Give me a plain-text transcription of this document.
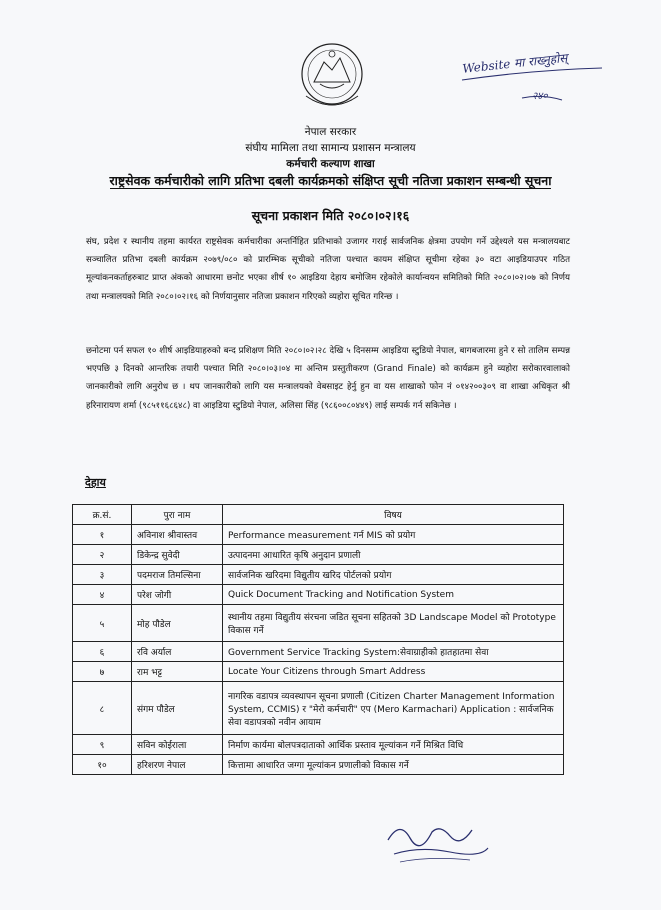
Website मा राख्नुहोस्
२४०
नेपाल सरकार
संघीय मामिला तथा सामान्य प्रशासन मन्त्रालय
कर्मचारी कल्याण शाखा
राष्ट्रसेवक कर्मचारीको लागि प्रतिभा दबली कार्यक्रमको संक्षिप्त सूची नतिजा प्रकाशन सम्बन्धी सूचना
सूचना प्रकाशन मिति २०८०।०२।१६
संघ, प्रदेश र स्थानीय तहमा कार्यरत राष्ट्रसेवक कर्मचारीका अन्तर्निहित प्रतिभाको उजागर गराई सार्वजनिक क्षेत्रमा उपयोग गर्ने उद्देश्यले यस मन्त्रालयबाट सञ्चालित प्रतिभा दबली कार्यक्रम २०७९/०८० को प्रारम्भिक सूचीको नतिजा पश्चात कायम संक्षिप्त सूचीमा रहेका ३० वटा आइडियाउपर गठित मूल्यांकनकर्ताहरुबाट प्राप्त अंकको आधारमा छनोट भएका शीर्ष १० आइडिया देहाय बमोजिम रहेकोले कार्यान्वयन समितिको मिति २०८०।०२।०७ को निर्णय तथा मन्त्रालयको मिति २०८०।०२।१६ को निर्णयानुसार नतिजा प्रकाशन गरिएको व्यहोरा सूचित गरिन्छ ।
छनोटमा पर्न सफल १० शीर्ष आइडियाहरुको बन्द प्रशिक्षण मिति २०८०।०२।२८ देखि ५ दिनसम्म आइडिया स्टुडियो नेपाल, बागबजारमा हुने र सो तालिम सम्पन्न भएपछि ३ दिनको आन्तरिक तयारी पश्चात मिति २०८०।०३।०४ मा अन्तिम प्रस्तुतीकरण (Grand Finale) को कार्यक्रम हुने व्यहोरा सरोकारवालाको जानकारीको लागि अनुरोध छ । थप जानकारीको लागि यस मन्त्रालयको वेबसाइट हेर्नु हुन वा यस शाखाको फोन नं ०१४२००३०९ वा शाखा अधिकृत श्री हरिनारायण शर्मा (९८५११६८६४८) वा आइडिया स्टुडियो नेपाल, अलिसा सिंह (९८६००८०४४९) लाई सम्पर्क गर्न सकिनेछ ।
देहाय
क्र.सं.	पुरा नाम	विषय
१	अविनाश श्रीवास्तव	Performance measurement गर्न MIS को प्रयोग
२	डिकेन्द्र सुवेदी	उत्पादनमा आधारित कृषि अनुदान प्रणाली
३	पदमराज तिमल्सिना	सार्वजनिक खरिदमा विद्युतीय खरिद पोर्टलको प्रयोग
४	परेश जोगी	Quick Document Tracking and Notification System
५	मोह पौडेल	स्थानीय तहमा विद्युतीय संरचना जडित सूचना सहितको 3D Landscape Model को Prototype विकास गर्ने
६	रवि अर्याल	Government Service Tracking System:सेवाग्राहीको हातहातमा सेवा
७	राम भट्ट	Locate Your Citizens through Smart Address
८	संगम पौडेल	नागरिक वडापत्र व्यवस्थापन सूचना प्रणाली (Citizen Charter Management Information System, CCMIS) र "मेरो कर्मचारी" एप (Mero Karmachari) Application : सार्वजनिक सेवा वडापत्रको नवीन आयाम
९	सविन कोईराला	निर्माण कार्यमा बोलपत्रदाताको आर्थिक प्रस्ताव मूल्यांकन गर्ने मिश्रित विधि
१०	हरिशरण नेपाल	कित्तामा आधारित जग्गा मूल्यांकन प्रणालीको विकास गर्ने
